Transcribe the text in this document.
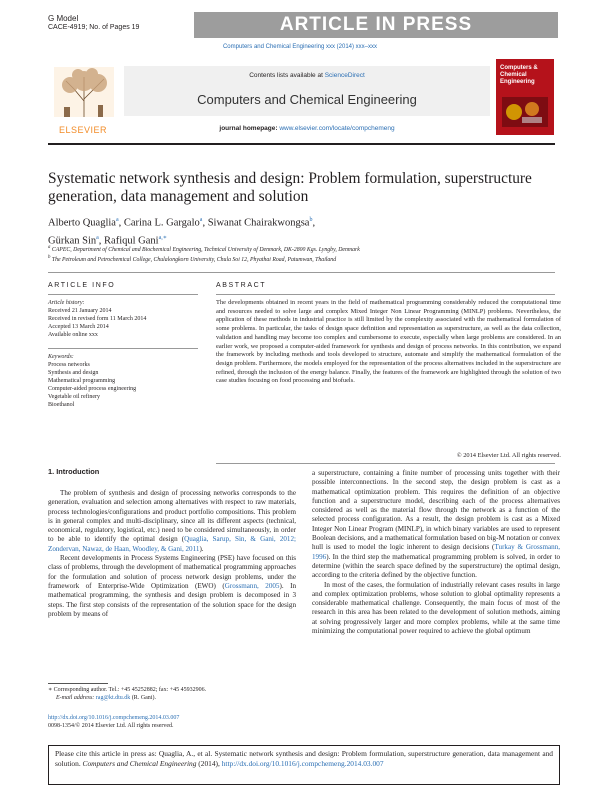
G Model
CACE-4919; No. of Pages 19	ARTICLE IN PRESS
Computers and Chemical Engineering xxx (2014) xxx–xxx
ELSEVIER
Contents lists available at ScienceDirect
Computers and Chemical Engineering
journal homepage: www.elsevier.com/locate/compchemeng
Computers & Chemical Engineering
Systematic network synthesis and design: Problem formulation, superstructure generation, data management and solution
Alberto Quaglia$^a$, Carina L. Gargalo$^a$, Siwanat Chairakwongsa$^b$,
Gürkan Sin$^a$, Rafiqul Gani$^{a,∗}$
$^a$ CAPEC, Department of Chemical and Biochemical Engineering, Technical University of Denmark, DK-2800 Kgs. Lyngby, Denmark
$^b$ The Petroleum and Petrochemical College, Chulalongkorn University, Chula Soi 12, Phyathai Road, Patumwan, Thailand
ARTICLE INFO
Article history:
Received 21 January 2014
Received in revised form 11 March 2014
Accepted 13 March 2014
Available online xxx
Keywords:
Process networks
Synthesis and design
Mathematical programming
Computer-aided process engineering
Vegetable oil refinery
Bioethanol
ABSTRACT
The developments obtained in recent years in the field of mathematical programming considerably reduced the computational time and resources needed to solve large and complex Mixed Integer Non Linear Programming (MINLP) problems. Nevertheless, the application of these methods in industrial practice is still limited by the complexity associated with the mathematical formulation of some problems. In particular, the tasks of design space definition and representation as superstructure, as well as the data collection, validation and handling may become too complex and cumbersome to execute, especially when large problems are considered. In an earlier work, we proposed a computer-aided framework for synthesis and design of process networks. In this contribution, we expand the framework by including methods and tools developed to structure, automate and simplify the mathematical formulation of the design problem. Furthermore, the models employed for the representation of the process alternatives included in the superstructure are refined, through the inclusion of the energy balance. Finally, the features of the framework are highlighted through the solution of two case studies focusing on food processing and biofuels.
© 2014 Elsevier Ltd. All rights reserved.
1. Introduction

The problem of synthesis and design of processing networks corresponds to the generation, evaluation and selection among alternatives with respect to raw materials, process technologies/configurations and product portfolio compositions. This problem is in general complex and multi-disciplinary, since all its different aspects (technical, economical, regulatory, logistical, etc.) need to be considered simultaneously, in order to be able to identify the optimal design (Quaglia, Sarup, Sin, & Gani, 2012; Zondervan, Nawaz, de Haan, Woodley, & Gani, 2011).

Recent developments in Process Systems Engineering (PSE) have focused on this class of problems, through the development of mathematical programming approaches for the formulation and solution of process network design problems, under the framework of Enterprise-Wide Optimization (EWO) (Grossmann, 2005). In mathematical programming, the synthesis and design problem is decomposed in 3 steps. The first step consists of the representation of the solution space for the design problem by means of

a superstructure, containing a finite number of processing units together with their possible interconnections. In the second step, the design problem is cast as a mathematical optimization problem. This requires the definition of an objective function and a superstructure model, describing each of the process alternatives considered as well as the material flow through the network as a function of the selected process configuration. As a result, the design problem is cast as a Mixed Integer Non Linear Program (MINLP), in which binary variables are used to represent Boolean decisions, and a mathematical formulation based on big-M notation or convex hull is used to model the logic inherent to design decisions (Turkay & Grossmann, 1996). In the third step the mathematical programming problem is solved, in order to determine (within the search space defined by the superstructure) the optimal design, according to the criteria defined by the objective function.

In most of the cases, the formulation of industrially relevant cases results in large and complex optimization problems, whose solution to global optimality represents a considerable mathematical challenge. Consequently, the main focus of most of the research in this area has been related to the development of solution methods, aiming at solving progressively larger and more complex problems, while at the same time minimizing the computational power required to achieve the global optimum

∗ Corresponding author. Tel.: +45 45252882; fax: +45 45932906.
E-mail address: rag@kt.dtu.dk (R. Gani).
http://dx.doi.org/10.1016/j.compchemeng.2014.03.007
0098-1354/© 2014 Elsevier Ltd. All rights reserved.
Please cite this article in press as: Quaglia, A., et al. Systematic network synthesis and design: Problem formulation, superstructure generation, data management and solution. Computers and Chemical Engineering (2014), http://dx.doi.org/10.1016/j.compchemeng.2014.03.007
